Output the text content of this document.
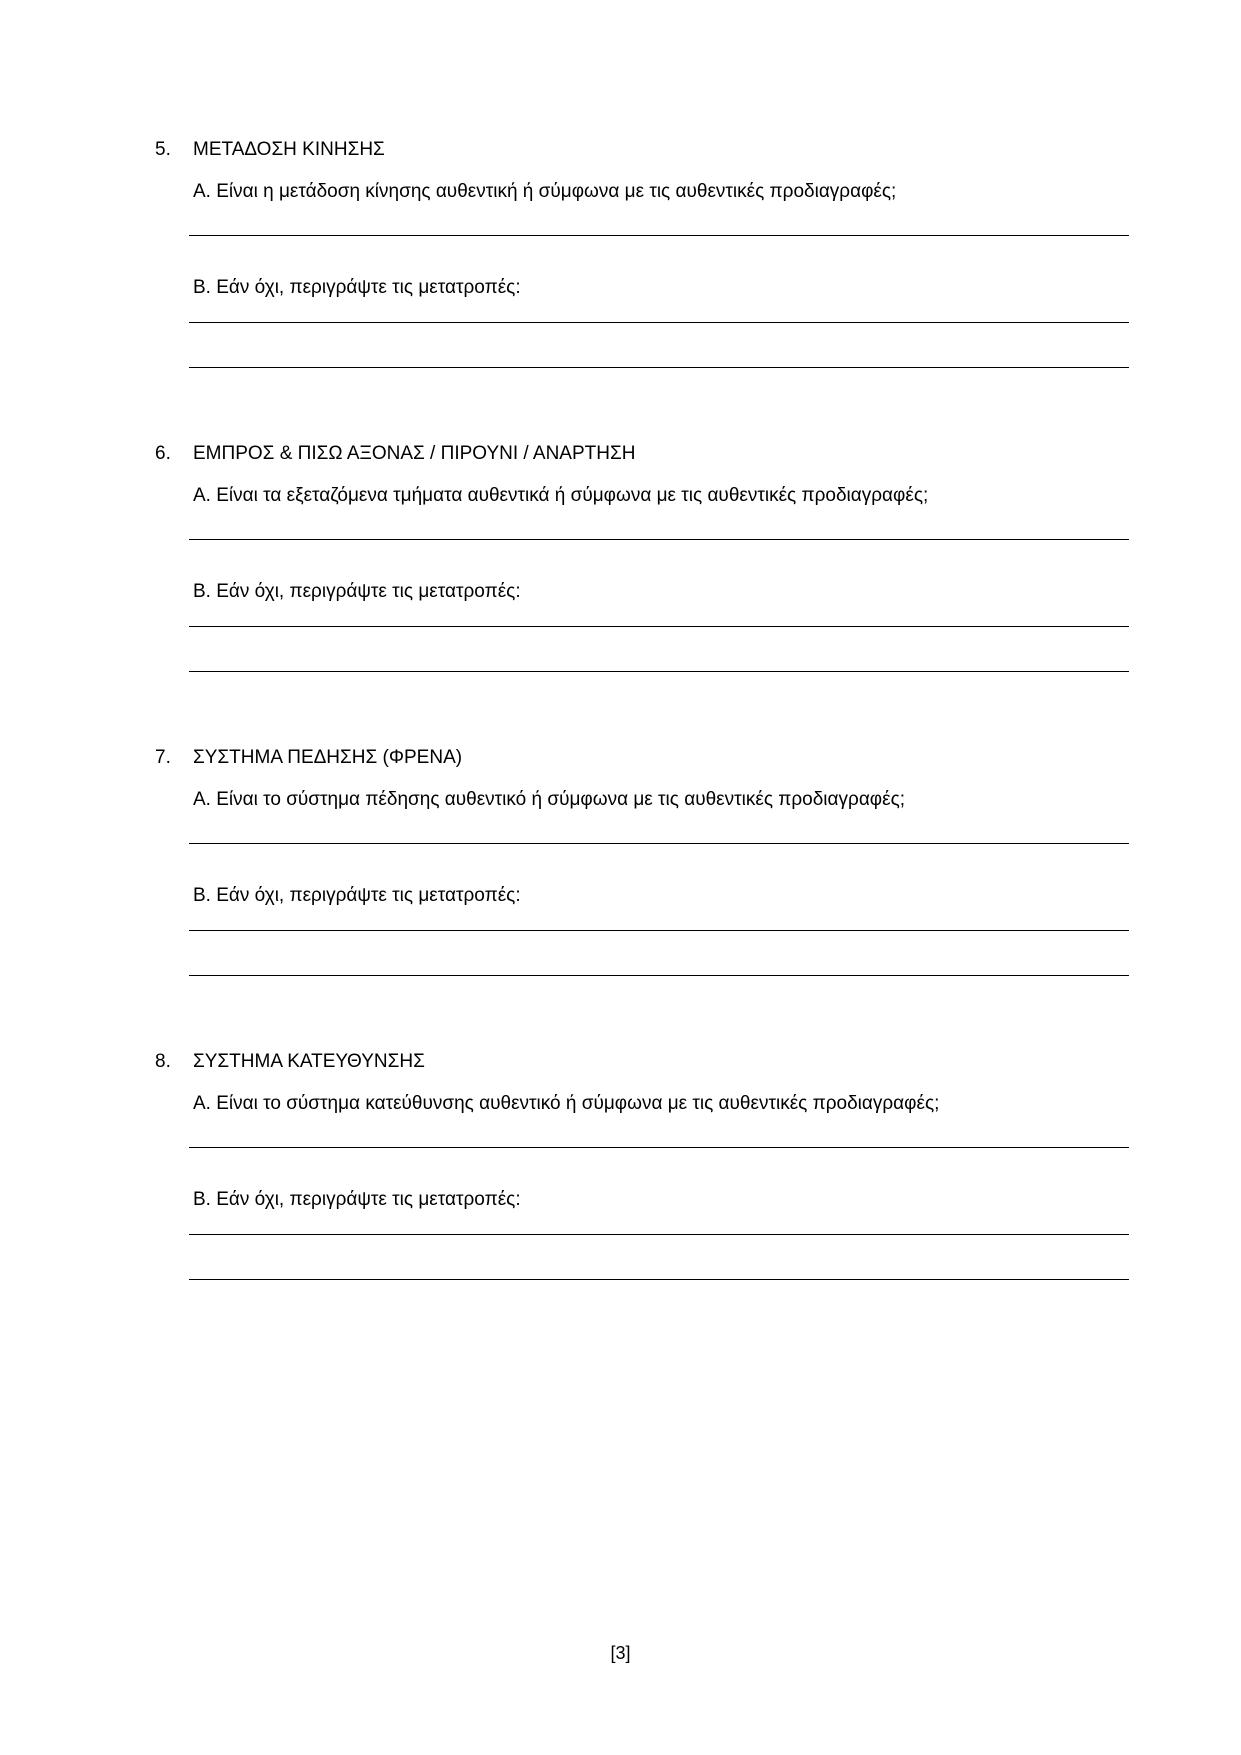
5. ΜΕΤΑΔΟΣΗ ΚΙΝΗΣΗΣ
Α. Είναι η μετάδοση κίνησης αυθεντική ή σύμφωνα με τις αυθεντικές προδιαγραφές;
Β. Εάν όχι, περιγράψτε τις μετατροπές:
6. ΕΜΠΡΟΣ & ΠΙΣΩ ΑΞΟΝΑΣ / ΠΙΡΟΥΝΙ / ΑΝΑΡΤΗΣΗ
Α. Είναι τα εξεταζόμενα τμήματα αυθεντικά ή σύμφωνα με τις αυθεντικές προδιαγραφές;
Β. Εάν όχι, περιγράψτε τις μετατροπές:
7. ΣΥΣΤΗΜΑ ΠΕΔΗΣΗΣ (ΦΡΕΝΑ)
Α. Είναι το σύστημα πέδησης αυθεντικό ή σύμφωνα με τις αυθεντικές προδιαγραφές;
Β. Εάν όχι, περιγράψτε τις μετατροπές:
8. ΣΥΣΤΗΜΑ ΚΑΤΕΥΘΥΝΣΗΣ
Α. Είναι το σύστημα κατεύθυνσης αυθεντικό ή σύμφωνα με τις αυθεντικές προδιαγραφές;
Β. Εάν όχι, περιγράψτε τις μετατροπές:
[3]
